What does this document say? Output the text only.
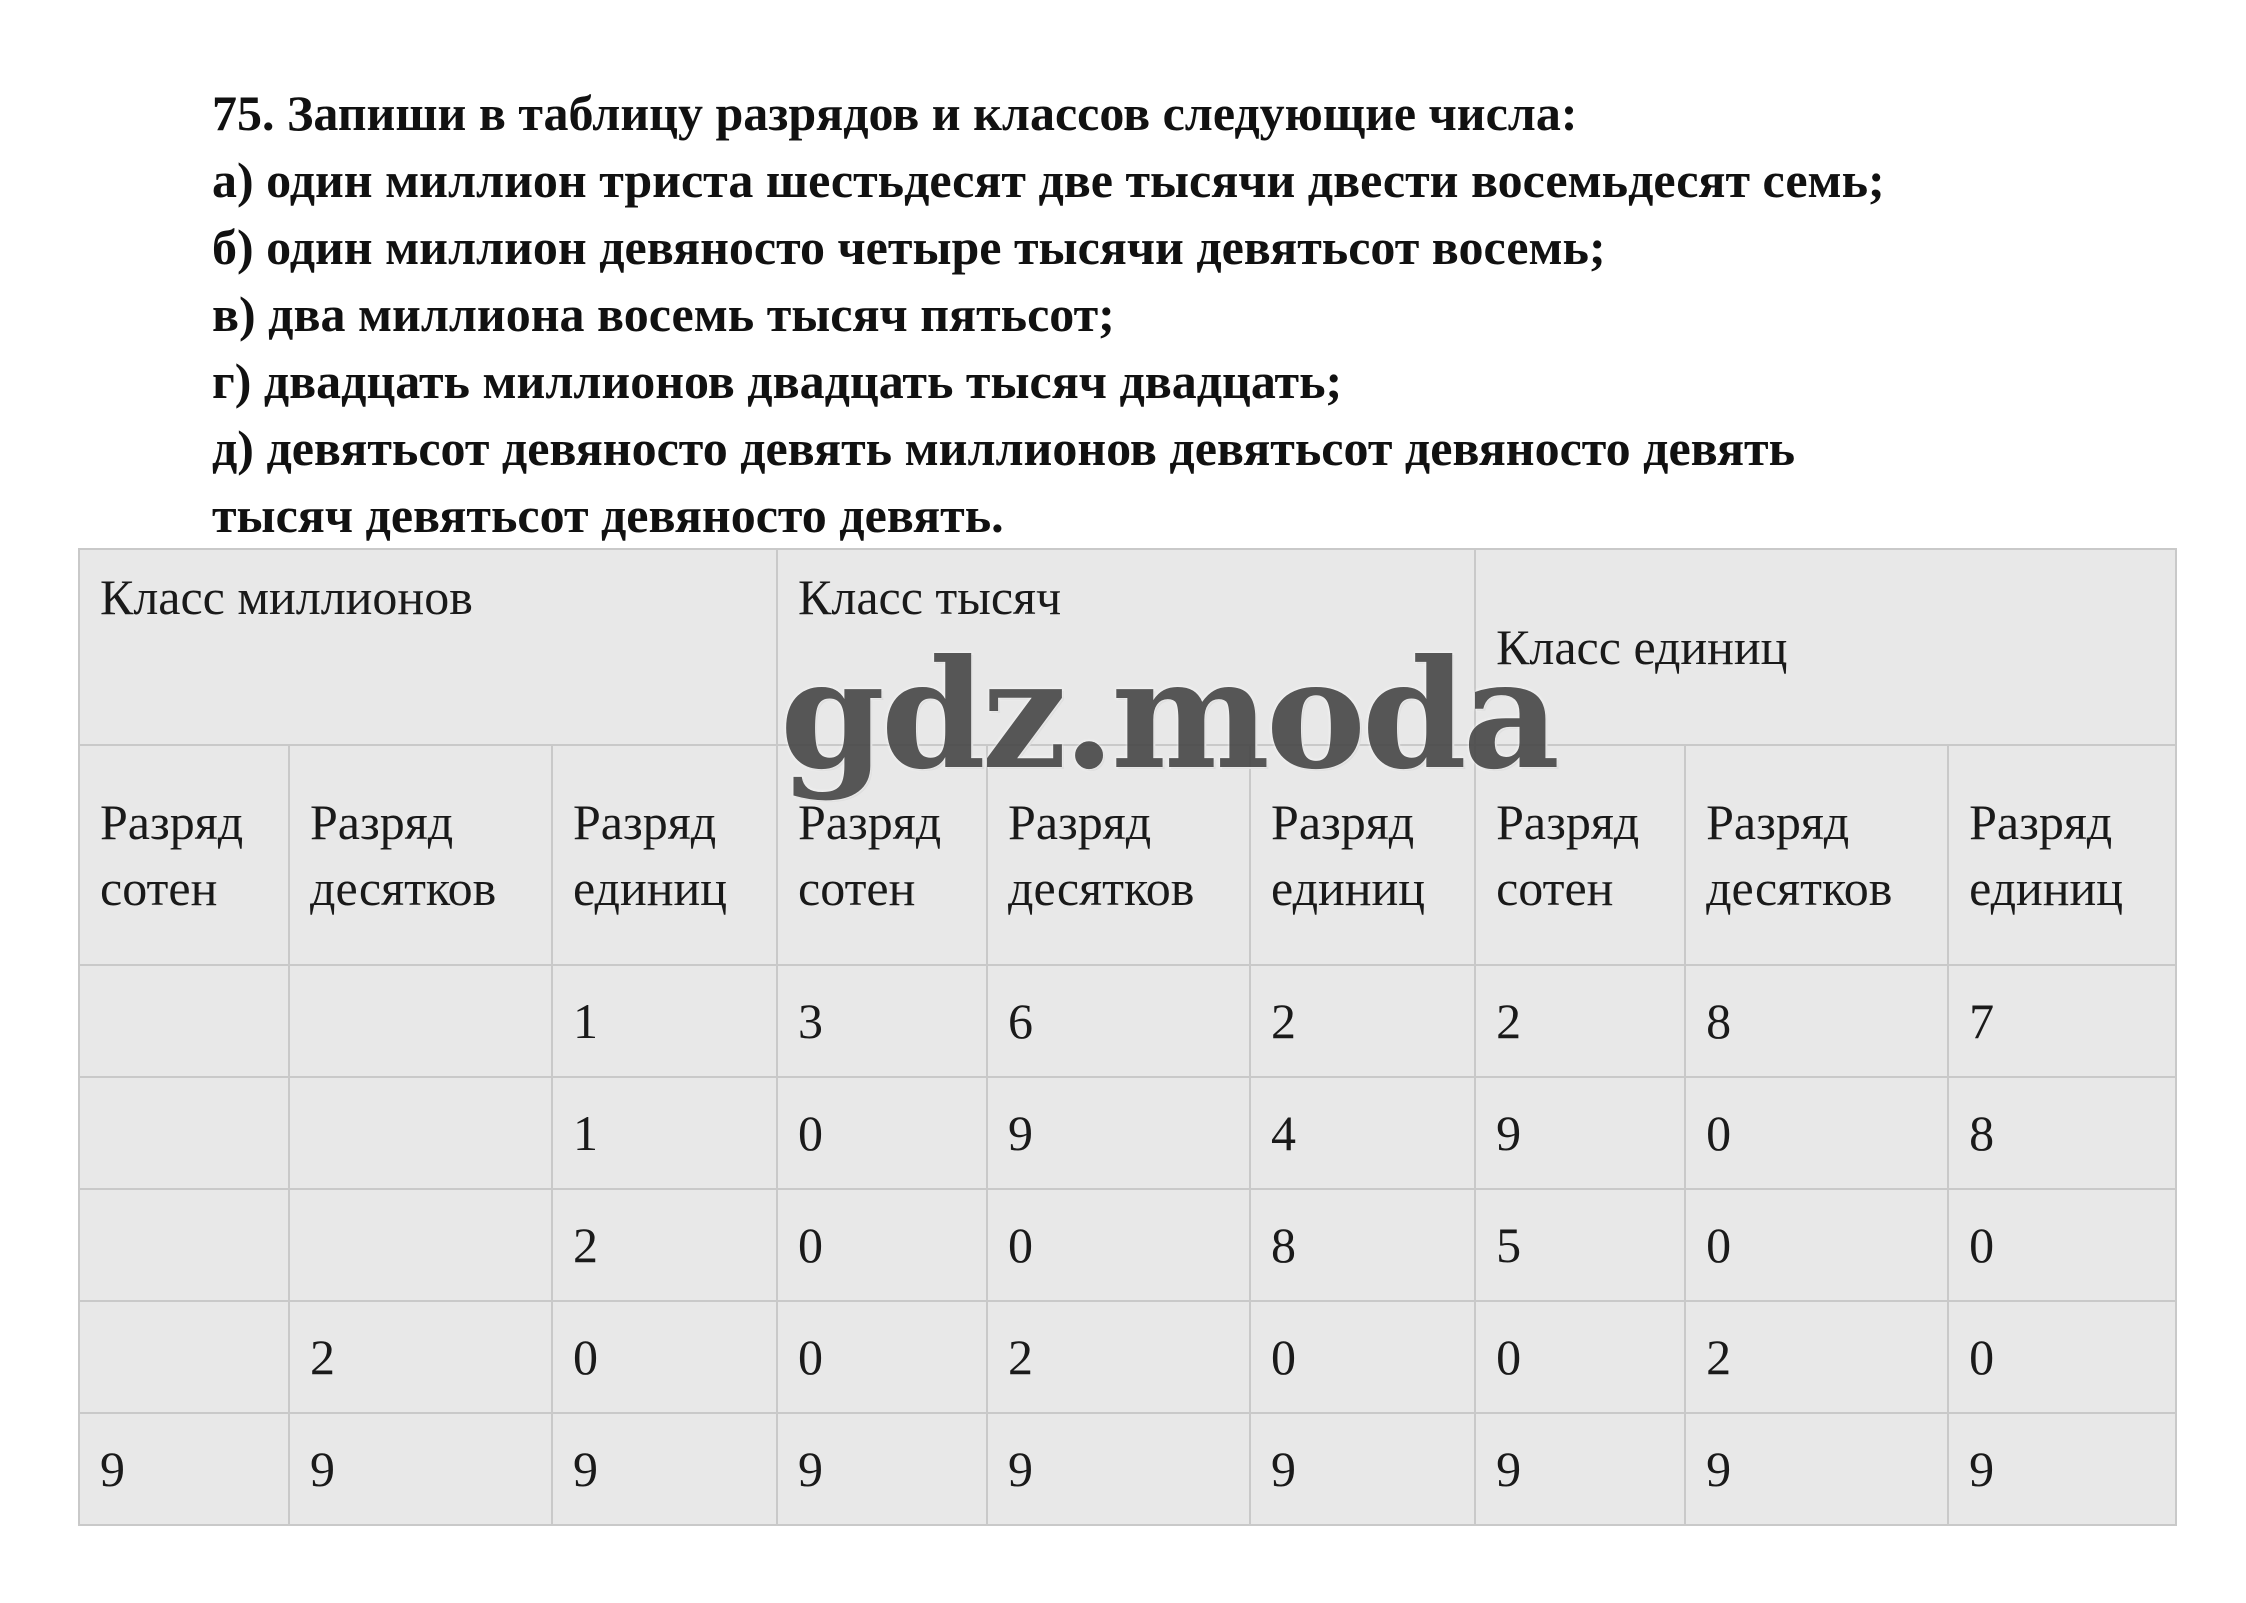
75. Запиши в таблицу разрядов и классов следующие числа:
а) один миллион триста шестьдесят две тысячи двести восемьдесят семь;
б) один миллион девяносто четыре тысячи девятьсот восемь;
в) два миллиона восемь тысяч пятьсот;
г) двадцать миллионов двадцать тысяч двадцать;
д) девятьсот девяносто девять миллионов девятьсот девяносто девять
тысяч девятьсот девяносто девять.
Класс миллионов			Класс тысяч			Класс единиц		

Разряд
сотен	Разряд
десятков	Разряд
единиц	Разряд
сотен	Разряд
десятков	Разряд
единиц	Разряд
сотен	Разряд
десятков	Разряд
единиц

		1	3	6	2	2	8	7
		1	0	9	4	9	0	8
		2	0	0	8	5	0	0
	2	0	0	2	0	0	2	0
9	9	9	9	9	9	9	9	9
gdz.moda
